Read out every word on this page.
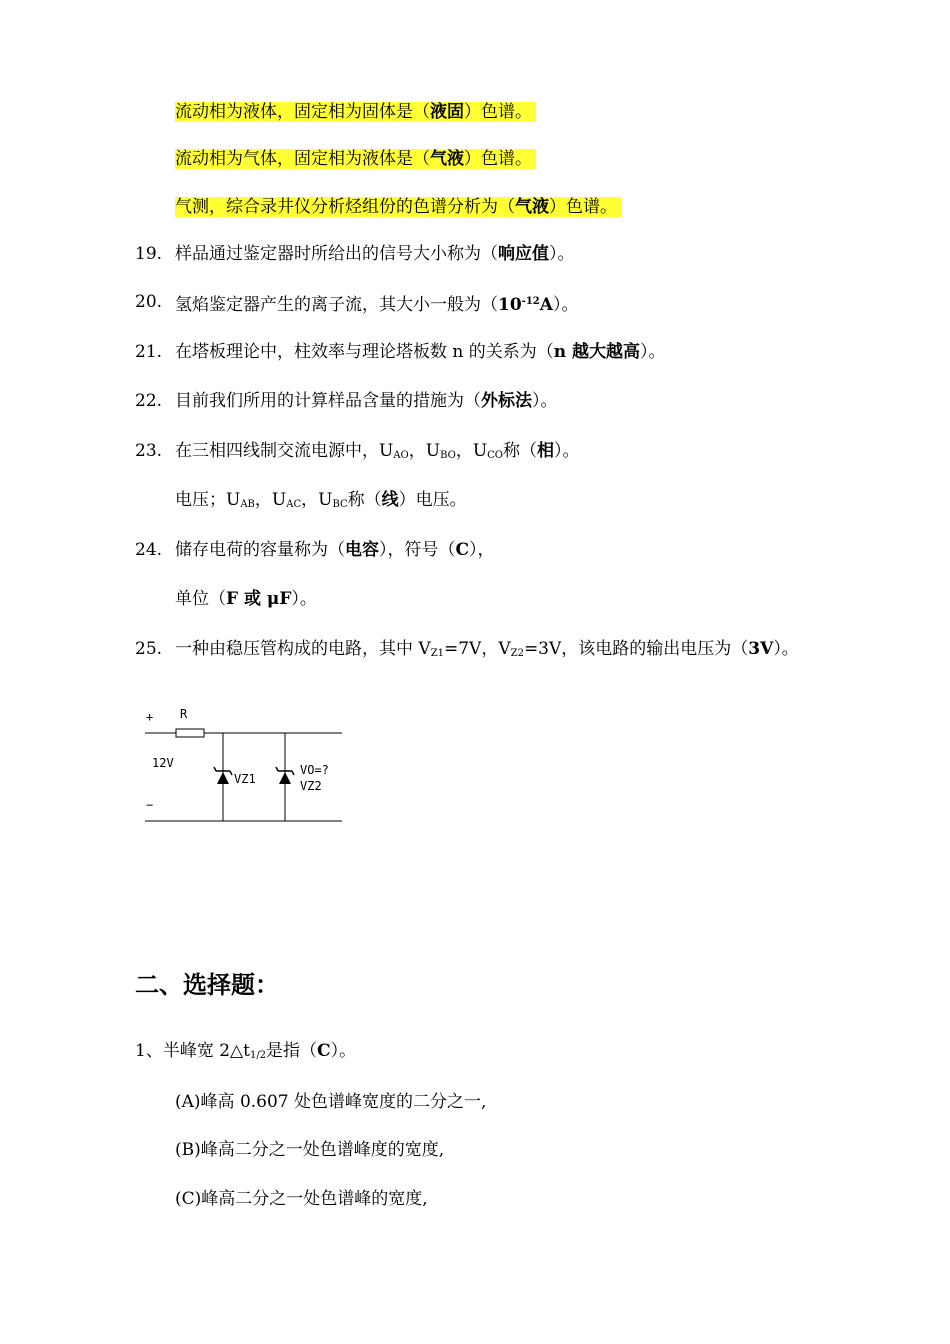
流动相为液体，固定相为固体是（液固）色谱。
流动相为气体，固定相为液体是（气液）色谱。
气测，综合录井仪分析烃组份的色谱分析为（气液）色谱。
19. 样品通过鉴定器时所给出的信号大小称为（响应值）。
20. 氢焰鉴定器产生的离子流，其大小一般为$(10^{-12}A)$。
21. 在塔板理论中，柱效率与理论塔板数 n 的关系为（n 越大越高）。
22. 目前我们所用的计算样品含量的措施为（外标法）。
23. 在三相四线制交流电源中，$U_{AO}$，$U_{BO}$，$U_{CO}$称（相）。
电压；$U_{AB}$，$U_{AC}$，$U_{BC}$称（线）电压。
24. 储存电荷的容量称为（电容），符号（C），
单位（F 或 μF）。
25. 一种由稳压管构成的电路，其中 $V_{Z1}=7V$，$V_{Z2}=3V$，该电路的输出电压为（3V）。
+
−
R
12V
VZ1
VO=?
VZ2
二、选择题：
1、半峰宽 $2\triangle t_{1/2}$是指（C）。
(A)峰高 0.607 处色谱峰宽度的二分之一,
(B)峰高二分之一处色谱峰度的宽度,
(C)峰高二分之一处色谱峰的宽度,
